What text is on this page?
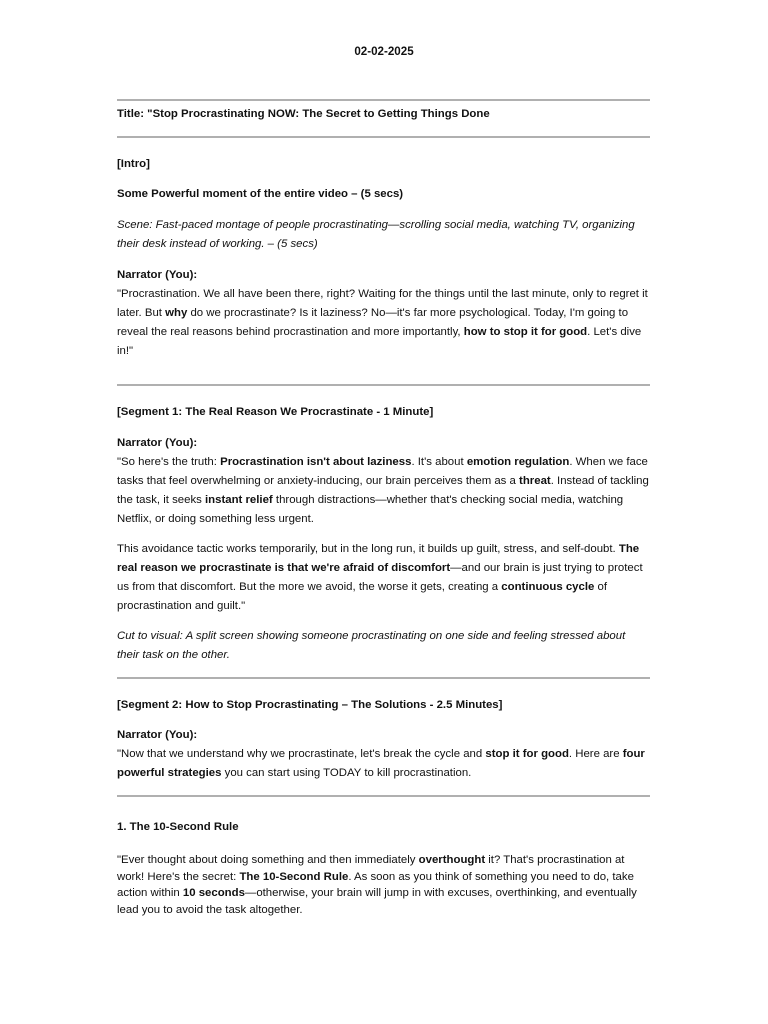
02-02-2025
Title: "Stop Procrastinating NOW: The Secret to Getting Things Done
[Intro]
Some Powerful moment of the entire video – (5 secs)

Scene: Fast-paced montage of people procrastinating—scrolling social media, watching TV, organizing their desk instead of working. – (5 secs)

Narrator (You):

"Procrastination. We all have been there, right? Waiting for the things until the last minute, only to regret it later. But why do we procrastinate? Is it laziness? No—it's far more psychological. Today, I'm going to reveal the real reasons behind procrastination and more importantly, how to stop it for good. Let's dive in!"

[Segment 1: The Real Reason We Procrastinate - 1 Minute]
Narrator (You):

"So here's the truth: Procrastination isn't about laziness. It's about emotion regulation. When we face tasks that feel overwhelming or anxiety-inducing, our brain perceives them as a threat. Instead of tackling the task, it seeks instant relief through distractions—whether that's checking social media, watching Netflix, or doing something less urgent.

This avoidance tactic works temporarily, but in the long run, it builds up guilt, stress, and self-doubt. The real reason we procrastinate is that we're afraid of discomfort—and our brain is just trying to protect us from that discomfort. But the more we avoid, the worse it gets, creating a continuous cycle of procrastination and guilt."

Cut to visual: A split screen showing someone procrastinating on one side and feeling stressed about their task on the other.

[Segment 2: How to Stop Procrastinating – The Solutions - 2.5 Minutes]
Narrator (You):

"Now that we understand why we procrastinate, let's break the cycle and stop it for good. Here are four powerful strategies you can start using TODAY to kill procrastination.

1. The 10-Second Rule

"Ever thought about doing something and then immediately overthought it? That's procrastination at work! Here's the secret: The 10-Second Rule. As soon as you think of something you need to do, take action within 10 seconds—otherwise, your brain will jump in with excuses, overthinking, and eventually lead you to avoid the task altogether.
